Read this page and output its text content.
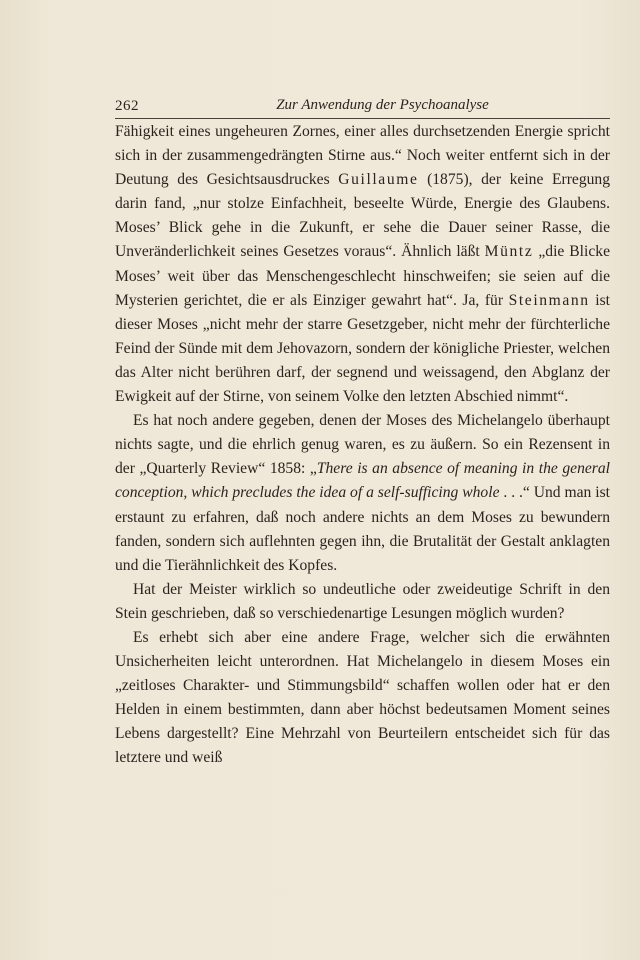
262	Zur Anwendung der Psychoanalyse

Fähigkeit eines ungeheuren Zornes, einer alles durchsetzenden Energie spricht sich in der zusammengedrängten Stirne aus.“ Noch weiter entfernt sich in der Deutung des Gesichtsausdruckes Guillaume (1875), der keine Erregung darin fand, „nur stolze Einfachheit, beseelte Würde, Energie des Glaubens. Moses’ Blick gehe in die Zukunft, er sehe die Dauer seiner Rasse, die Unveränderlichkeit seines Gesetzes voraus“. Ähnlich läßt Müntz „die Blicke Moses’ weit über das Menschengeschlecht hinschweifen; sie seien auf die Mysterien gerichtet, die er als Einziger gewahrt hat“. Ja, für Steinmann ist dieser Moses „nicht mehr der starre Gesetzgeber, nicht mehr der fürchterliche Feind der Sünde mit dem Jehovazorn, sondern der königliche Priester, welchen das Alter nicht berühren darf, der segnend und weissagend, den Abglanz der Ewigkeit auf der Stirne, von seinem Volke den letzten Abschied nimmt“.

Es hat noch andere gegeben, denen der Moses des Michelangelo überhaupt nichts sagte, und die ehrlich genug waren, es zu äußern. So ein Rezensent in der „Quarterly Review“ 1858: „There is an absence of meaning in the general conception, which precludes the idea of a self-sufficing whole . . .“ Und man ist erstaunt zu erfahren, daß noch andere nichts an dem Moses zu bewundern fanden, sondern sich auflehnten gegen ihn, die Brutalität der Gestalt anklagten und die Tierähnlichkeit des Kopfes.

Hat der Meister wirklich so undeutliche oder zweideutige Schrift in den Stein geschrieben, daß so verschiedenartige Lesungen möglich wurden?

Es erhebt sich aber eine andere Frage, welcher sich die erwähnten Unsicherheiten leicht unterordnen. Hat Michelangelo in diesem Moses ein „zeitloses Charakter- und Stimmungsbild“ schaffen wollen oder hat er den Helden in einem bestimmten, dann aber höchst bedeutsamen Moment seines Lebens dargestellt? Eine Mehrzahl von Beurteilern entscheidet sich für das letztere und weiß
